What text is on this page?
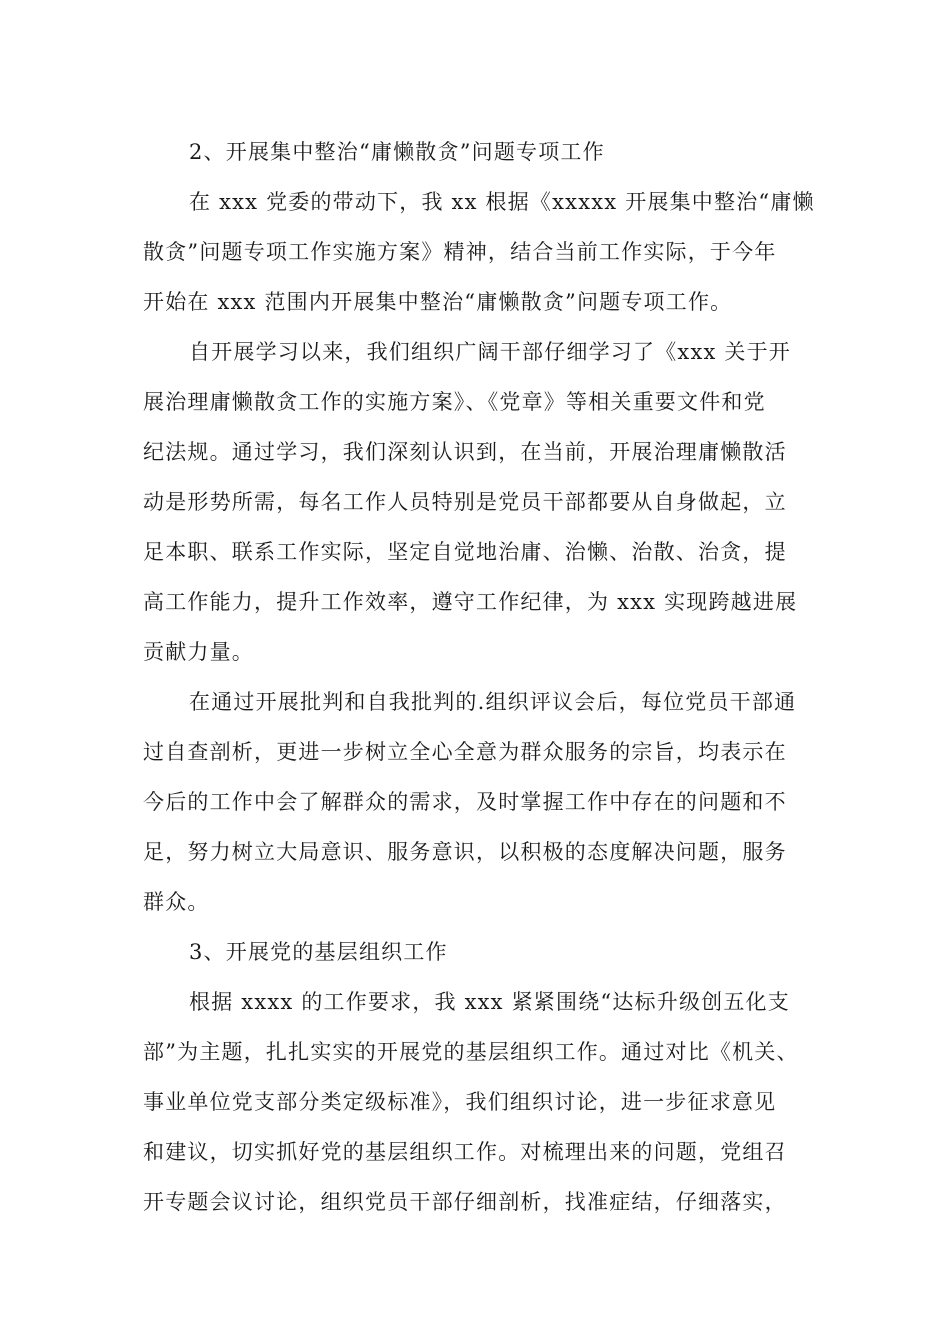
2、开展集中整治“庸懒散贪”问题专项工作
在 xxx 党委的带动下，我 xx 根据《xxxxx 开展集中整治“庸懒
散贪”问题专项工作实施方案》精神，结合当前工作实际，于今年
开始在 xxx 范围内开展集中整治“庸懒散贪”问题专项工作。
自开展学习以来，我们组织广阔干部仔细学习了《xxx 关于开
展治理庸懒散贪工作的实施方案》、《党章》等相关重要文件和党
纪法规。通过学习，我们深刻认识到，在当前，开展治理庸懒散活
动是形势所需，每名工作人员特别是党员干部都要从自身做起，立
足本职、联系工作实际，坚定自觉地治庸、治懒、治散、治贪，提
高工作能力，提升工作效率，遵守工作纪律，为 xxx 实现跨越进展
贡献力量。
在通过开展批判和自我批判的.组织评议会后，每位党员干部通
过自查剖析，更进一步树立全心全意为群众服务的宗旨，均表示在
今后的工作中会了解群众的需求，及时掌握工作中存在的问题和不
足，努力树立大局意识、服务意识，以积极的态度解决问题，服务
群众。
3、开展党的基层组织工作
根据 xxxx 的工作要求，我 xxx 紧紧围绕“达标升级创五化支
部”为主题，扎扎实实的开展党的基层组织工作。通过对比《机关、
事业单位党支部分类定级标准》，我们组织讨论，进一步征求意见
和建议，切实抓好党的基层组织工作。对梳理出来的问题，党组召
开专题会议讨论，组织党员干部仔细剖析，找准症结，仔细落实，
